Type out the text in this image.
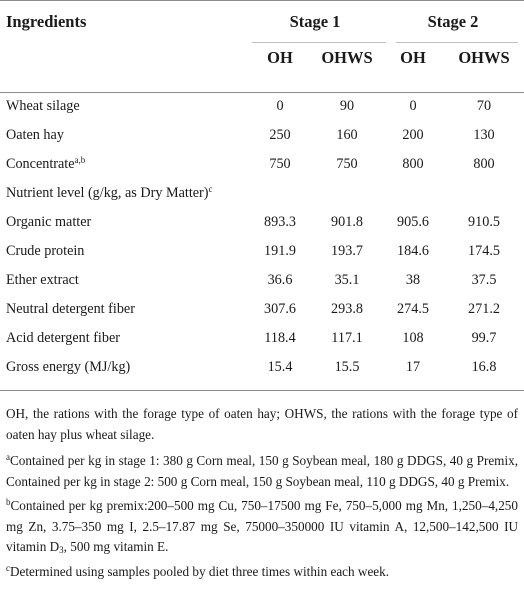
Ingredients	Stage 1		Stage 2	
	OH	OHWS	OH	OHWS
Wheat silage	0	90	0	70
Oaten hay	250	160	200	130
Concentrate$^{a,b}$	750	750	800	800
Nutrient level (g/kg, as Dry Matter)$^c$				
Organic matter	893.3	901.8	905.6	910.5
Crude protein	191.9	193.7	184.6	174.5
Ether extract	36.6	35.1	38	37.5
Neutral detergent fiber	307.6	293.8	274.5	271.2
Acid detergent fiber	118.4	117.1	108	99.7
Gross energy (MJ/kg)	15.4	15.5	17	16.8

OH, the rations with the forage type of oaten hay; OHWS, the rations with the forage type of oaten hay plus wheat silage.

$^a$Contained per kg in stage 1: 380 g Corn meal, 150 g Soybean meal, 180 g DDGS, 40 g Premix, Contained per kg in stage 2: 500 g Corn meal, 150 g Soybean meal, 110 g DDGS, 40 g Premix.

$^b$Contained per kg premix:200–500 mg Cu, 750–17500 mg Fe, 750–5,000 mg Mn, 1,250–4,250 mg Zn, 3.75–350 mg I, 2.5–17.87 mg Se, 75000–350000 IU vitamin A, 12,500–142,500 IU vitamin $D_3$, 500 mg vitamin E.

$^c$Determined using samples pooled by diet three times within each week.
